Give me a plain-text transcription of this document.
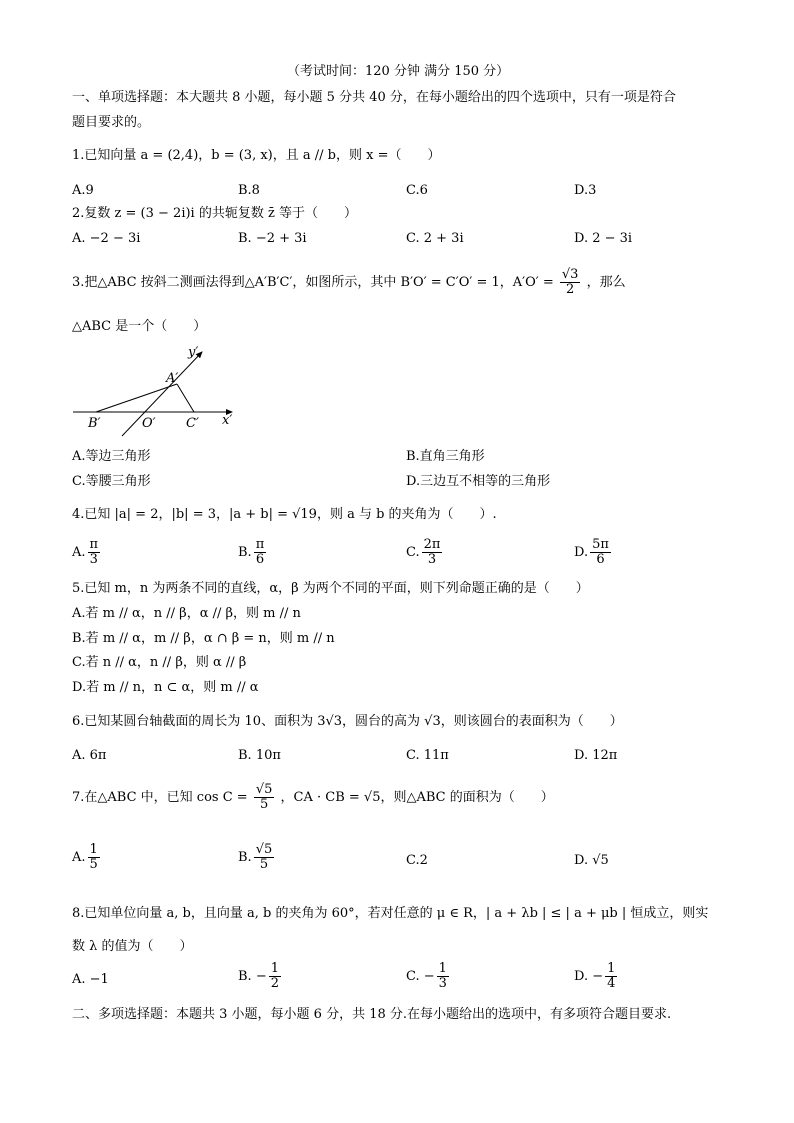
（考试时间：120 分钟 满分 150 分）
一、单项选择题：本大题共 8 小题，每小题 5 分共 40 分，在每小题给出的四个选项中，只有一项是符合
题目要求的。
1.已知向量 a = (2,4)，b = (3, x)，且 a // b，则 x =（　　）
A.9	B.8	C.6	D.3
2.复数 z = (3 − 2i)i 的共轭复数 z̄ 等于（　　）
A. −2 − 3i	B. −2 + 3i	C. 2 + 3i	D. 2 − 3i
3.把△ABC 按斜二测画法得到△A′B′C′，如图所示，其中 B′O′ = C′O′ = 1，$A'O' = \frac{√3}{2}$ ，那么
△ABC 是一个（　　）
y′
A′
B′	O′ C′ x′
A.等边三角形	B.直角三角形
C.等腰三角形	D.三边互不相等的三角形
4.已知 |a| = 2，|b| = 3，|a + b| = √19，则 a 与 b 的夹角为（　　）.
A. $\frac{\pi}{3}$	B. $\frac{\pi}{6}$	C. $\frac{2\pi}{3}$	D. $\frac{5\pi}{6}$
5.已知 m，n 为两条不同的直线，α，β 为两个不同的平面，则下列命题正确的是（　　）
A.若 m // α，n // β，α // β，则 m // n
B.若 m // α，m // β，α ∩ β = n，则 m // n
C.若 n // α，n // β，则 α // β
D.若 m // n，n ⊂ α，则 m // α
6.已知某圆台轴截面的周长为 10、面积为 3√3，圆台的高为 √3，则该圆台的表面积为（　　）
A. 6π	B. 10π	C. 11π	D. 12π
7.在△ABC 中，已知 $\cos C = \frac{√5}{5}$ ，CA · CB = √5，则△ABC 的面积为（　　）
A. $\frac{1}{5}$	B. $\frac{√5}{5}$	C.2	D. √5
8.已知单位向量 a, b，且向量 a, b 的夹角为 60°，若对任意的 μ ∈ R，| a + λb | ≤ | a + μb | 恒成立，则实
数 λ 的值为（　　）
A. −1	B. − $\frac{1}{2}$	C. − $\frac{1}{3}$	D. − $\frac{1}{4}$
二、多项选择题：本题共 3 小题，每小题 6 分，共 18 分.在每小题给出的选项中，有多项符合题目要求.
